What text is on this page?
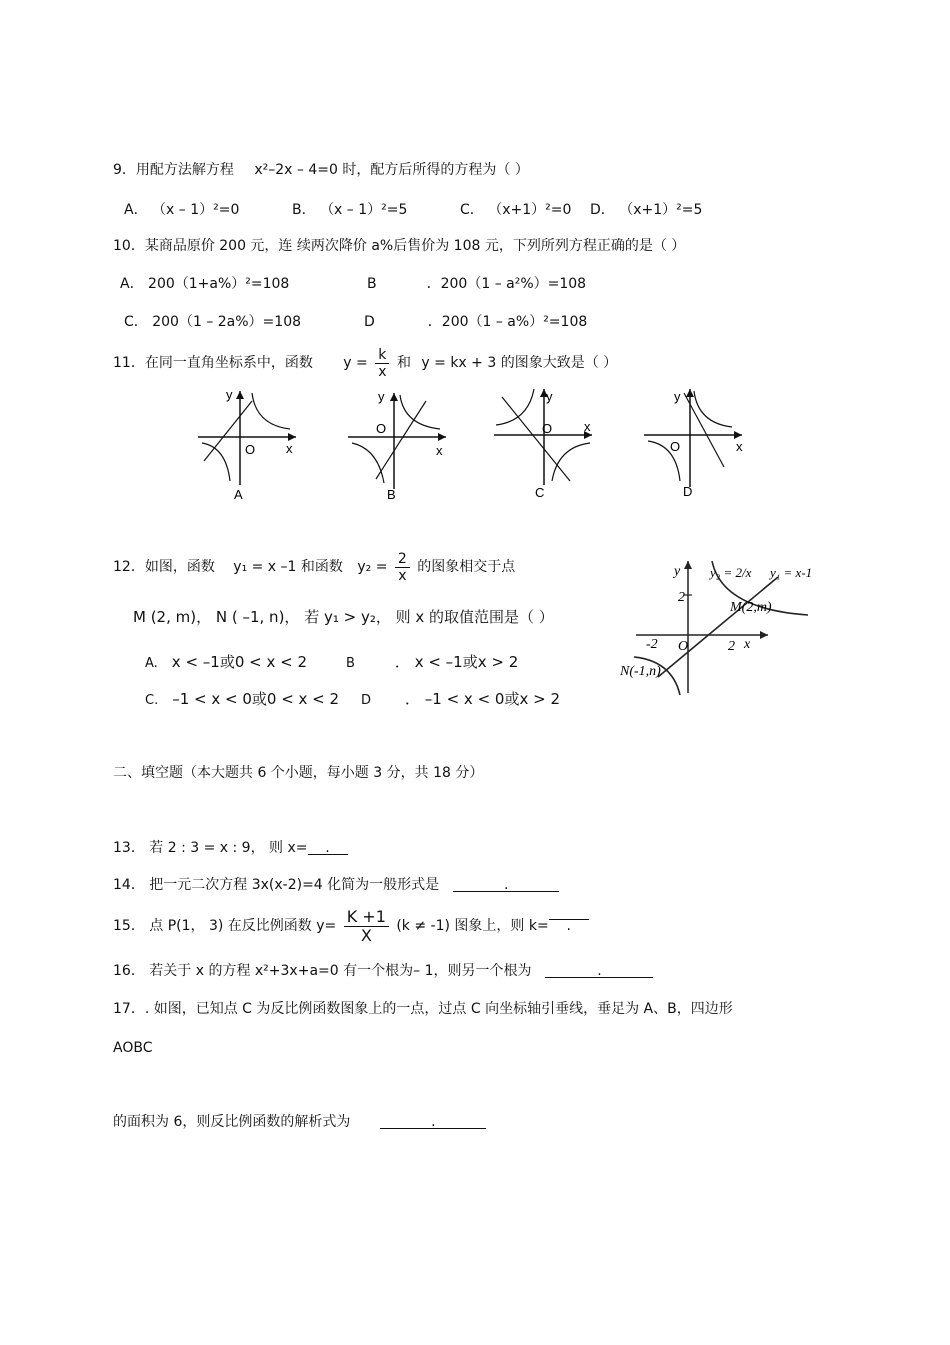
9．用配方法解方程 x²–2x – 4=0 时，配方后所得的方程为（ ）
A． （x – 1）²=0	B． （x – 1）²=5	C． （x+1）²=0 D． （x+1）²=5
10．某商品原价 200 元，连 续两次降价 a%后售价为 108 元，下列所列方程正确的是（ ）
A． 200（1+a%）²=108	B	．200（1 – a²%）=108
C． 200（1 – 2a%）=108	D	．200（1 – a%）²=108
11．在同一直角坐标系中，函数 $y = \frac{k}{x}$ 和 y = kx + 3 的图象大致是（ ）
y
O x
A
y
O
x
B
y
O x
C
y
O	x
D
12．如图，函数 y₁ = x –1 和函数 $y_2 = \frac{2}{x}$ 的图象相交于点
M (2, m)， N ( –1, n)， 若 y₁ > y₂， 则 x 的取值范围是（ ）
A. x < –1或0 < x < 2	B	． x < –1或x > 2
C. –1 < x < 0或0 < x < 2 D ． –1 < x < 0或x > 2
y
2
-2 O	2 x
y₂ = 2/x y₁ = x-1
M(2,m)
N(-1,n)
二、填空题（本大题共 6 个小题，每小题 3 分，共 18 分）
13． 若 2 : 3 = x : 9， 则 x= .
14． 把一元二次方程 3x(x-2)=4 化简为一般形式是	.
15． 点 P(1， 3) 在反比例函数 $y= \frac{K +1}{X} (k \ne -1)$ 图象上，则 k= .
16． 若关于 x 的方程 x²+3x+a=0 有一个根为– 1，则另一个根为	.
17．. 如图，已知点 C 为反比例函数图象上的一点，过点 C 向坐标轴引垂线，垂足为 A、B，四边形
AOBC
的面积为 6，则反比例函数的解析式为	.
